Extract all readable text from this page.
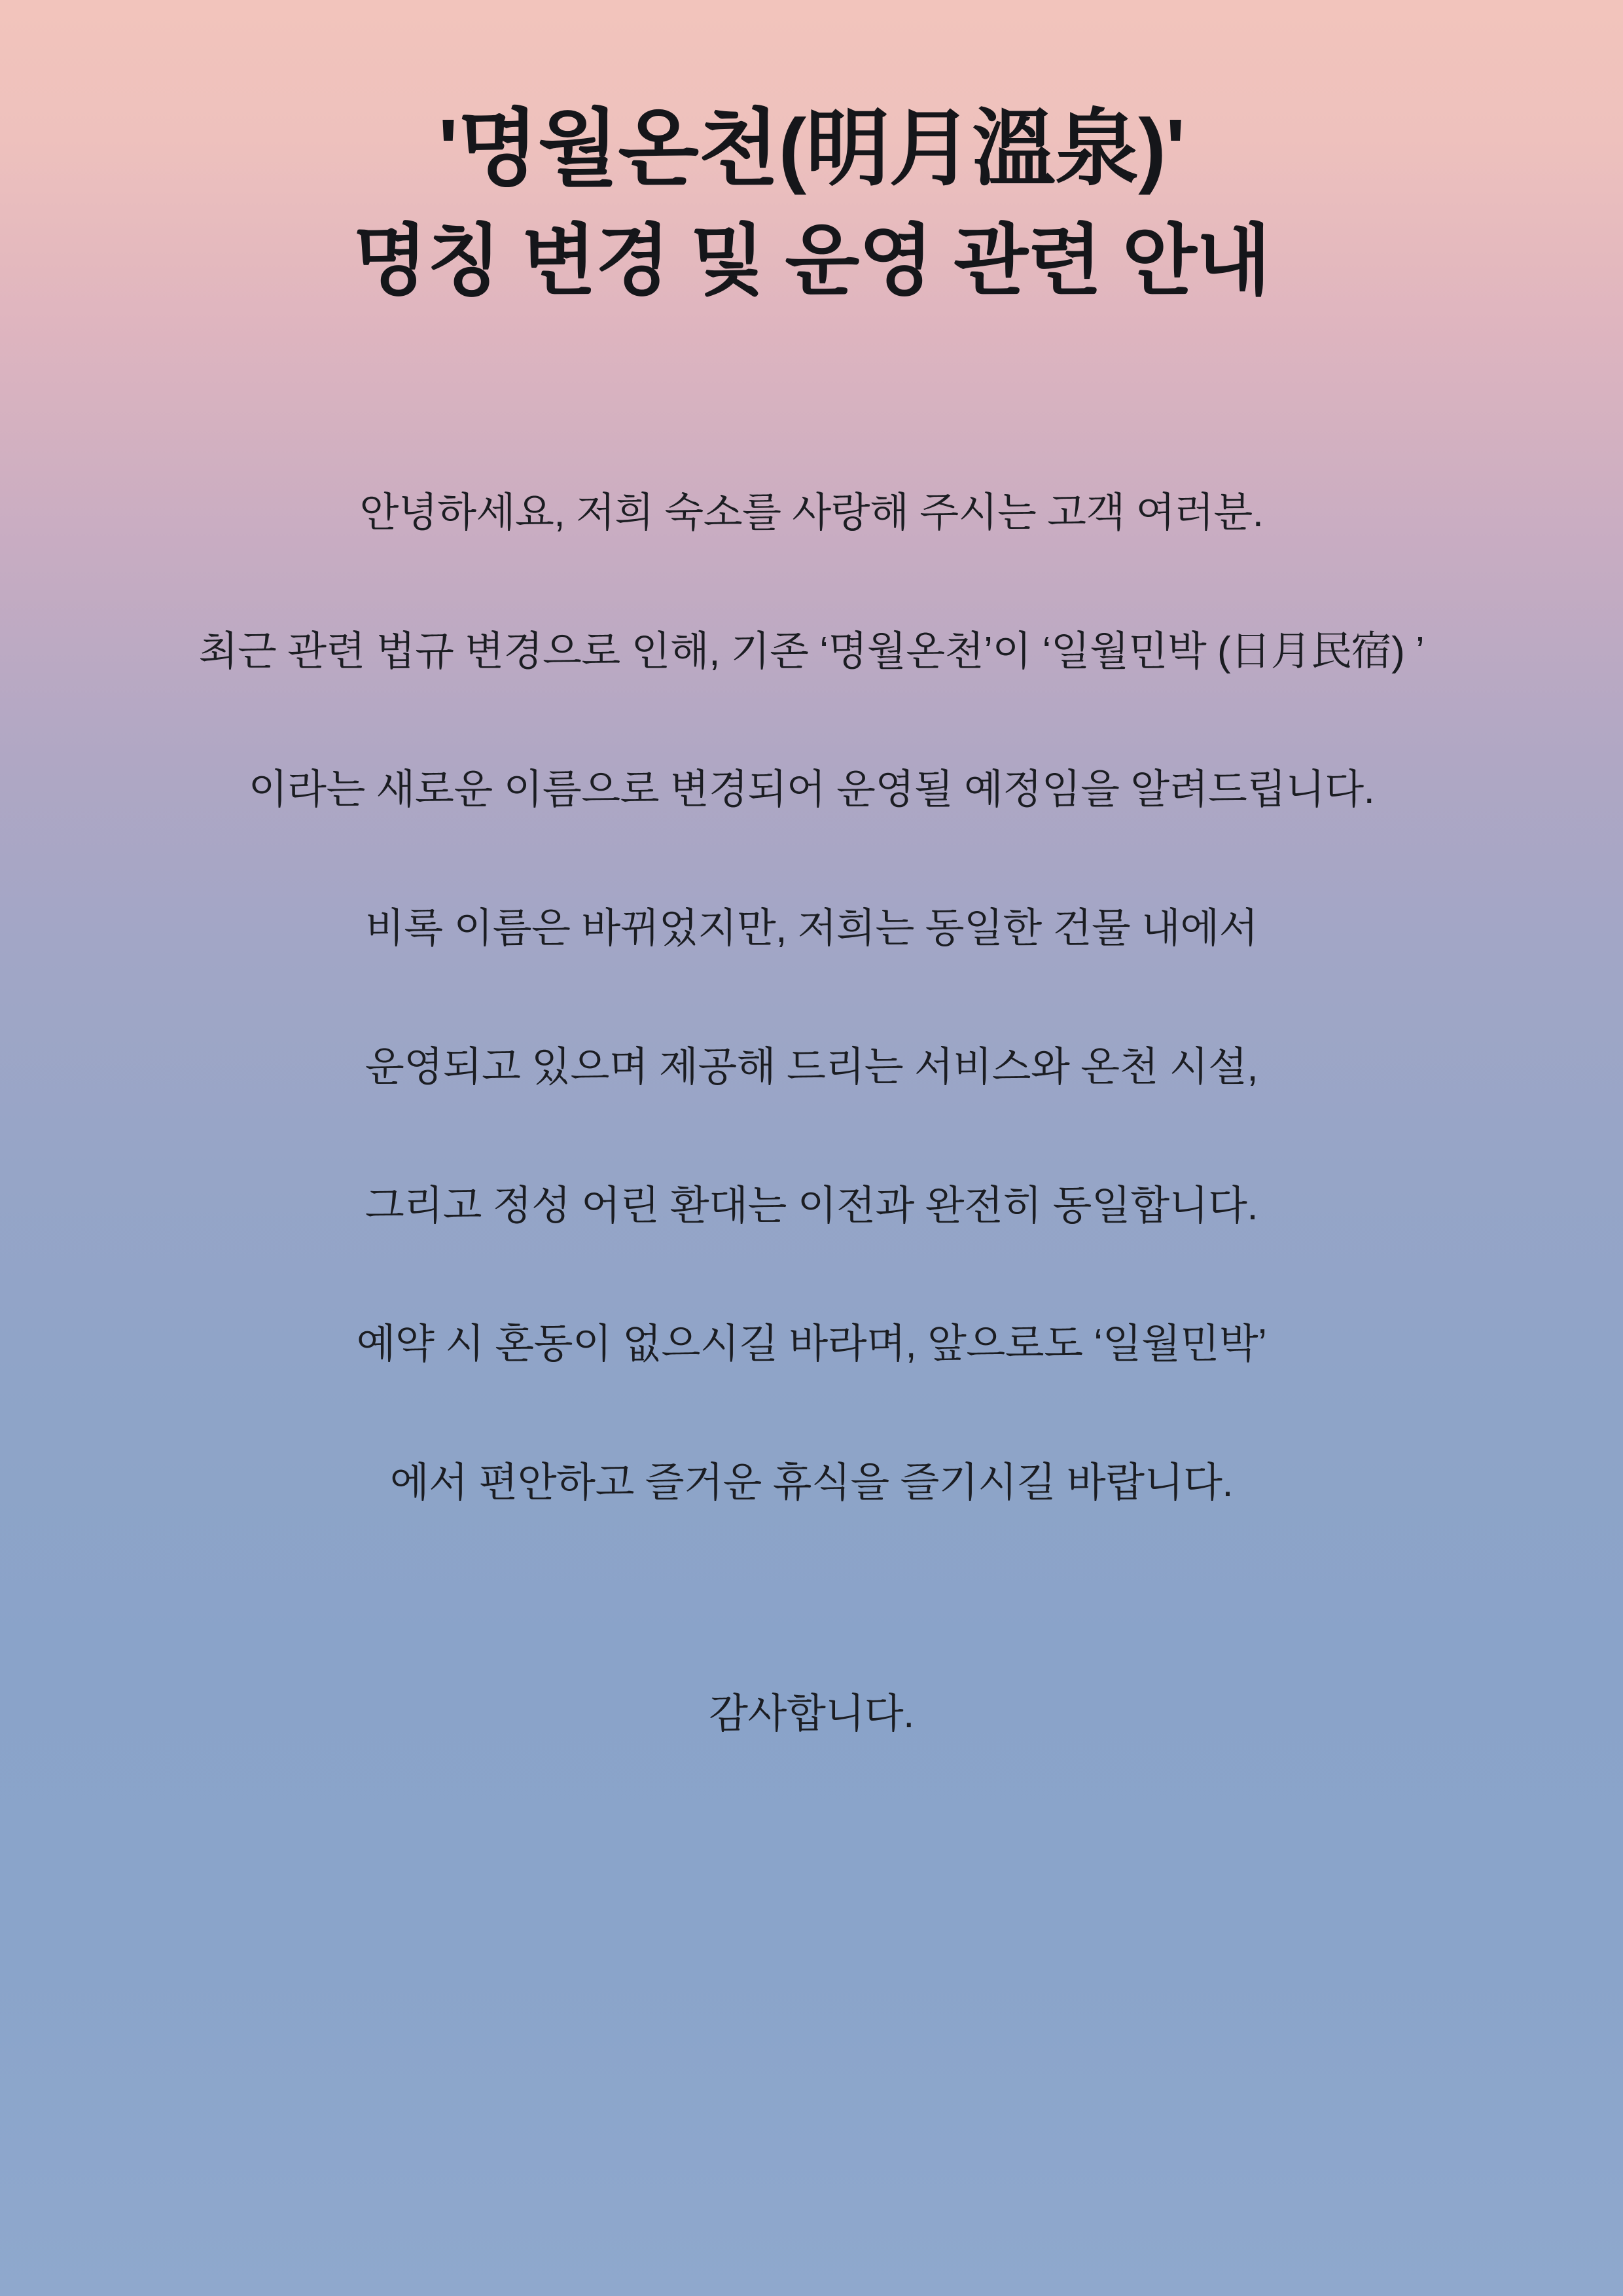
'명월온천(明月溫泉)'
명칭 변경 및 운영 관련 안내

안녕하세요, 저희 숙소를 사랑해 주시는 고객 여러분.

최근 관련 법규 변경으로 인해, 기존 ‘명월온천’이 ‘일월민박 (日月民宿) ’

이라는 새로운 이름으로 변경되어 운영될 예정임을 알려드립니다.

비록 이름은 바뀌었지만, 저희는 동일한 건물 내에서

운영되고 있으며 제공해 드리는 서비스와 온천 시설,

그리고 정성 어린 환대는 이전과 완전히 동일합니다.

예약 시 혼동이 없으시길 바라며, 앞으로도 ‘일월민박’

에서 편안하고 즐거운 휴식을 즐기시길 바랍니다.

감사합니다.
